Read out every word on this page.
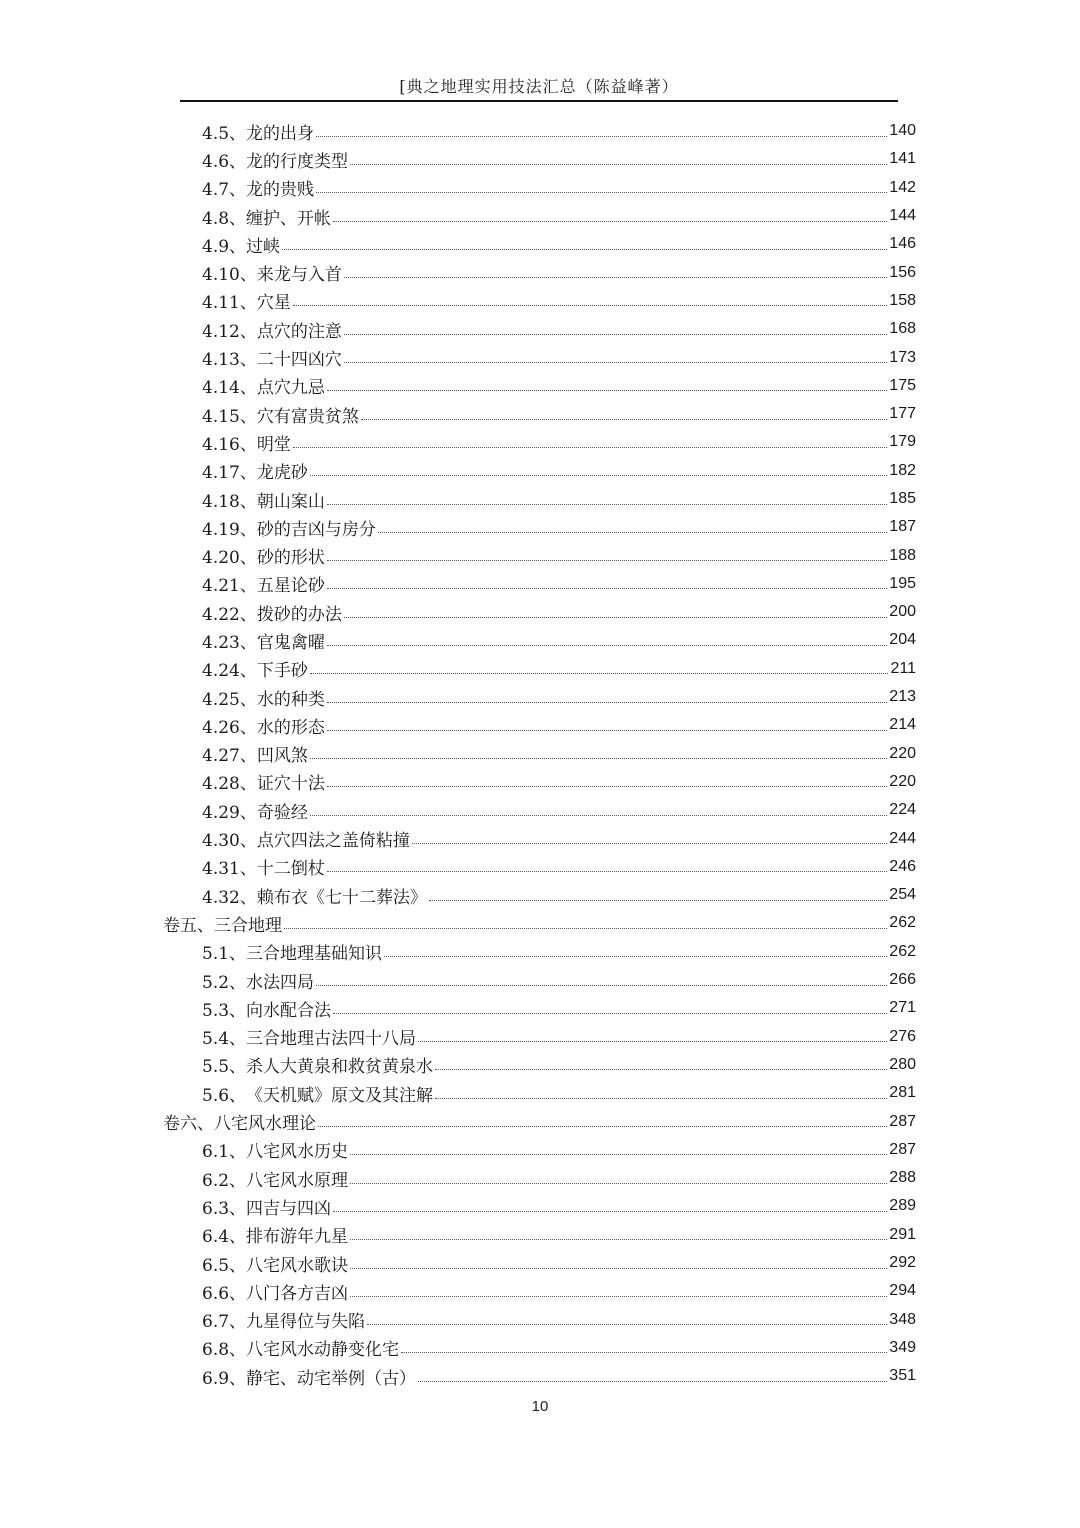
[典之地理实用技法汇总（陈益峰著）
4.5、 龙的出身	140
4.6、 龙的行度类型	141
4.7、 龙的贵贱	142
4.8、 缠护、开帐	144
4.9、 过峡	146
4.10、 来龙与入首	156
4.11、 穴星	158
4.12、 点穴的注意	168
4.13、 二十四凶穴	173
4.14、 点穴九忌	175
4.15、 穴有富贵贫煞	177
4.16、 明堂	179
4.17、 龙虎砂	182
4.18、 朝山案山	185
4.19、 砂的吉凶与房分	187
4.20、 砂的形状	188
4.21、 五星论砂	195
4.22、 拨砂的办法	200
4.23、 官鬼禽曜	204
4.24、 下手砂	211
4.25、 水的种类	213
4.26、 水的形态	214
4.27、 凹风煞	220
4.28、 证穴十法	220
4.29、 奇验经	224
4.30、 点穴四法之盖倚粘撞	244
4.31、 十二倒杖	246
4.32、 赖布衣《七十二葬法》	254
卷五、 三合地理	262
5.1、 三合地理基础知识	262
5.2、 水法四局	266
5.3、 向水配合法	271
5.4、 三合地理古法四十八局	276
5.5、 杀人大黄泉和救贫黄泉水	280
5.6、 《天机赋》原文及其注解	281
卷六、 八宅风水理论	287
6.1、 八宅风水历史	287
6.2、 八宅风水原理	288
6.3、 四吉与四凶	289
6.4、 排布游年九星	291
6.5、 八宅风水歌诀	292
6.6、 八门各方吉凶	294
6.7、 九星得位与失陷	348
6.8、 八宅风水动静变化宅	349
6.9、 静宅、动宅举例（古）	351
10
